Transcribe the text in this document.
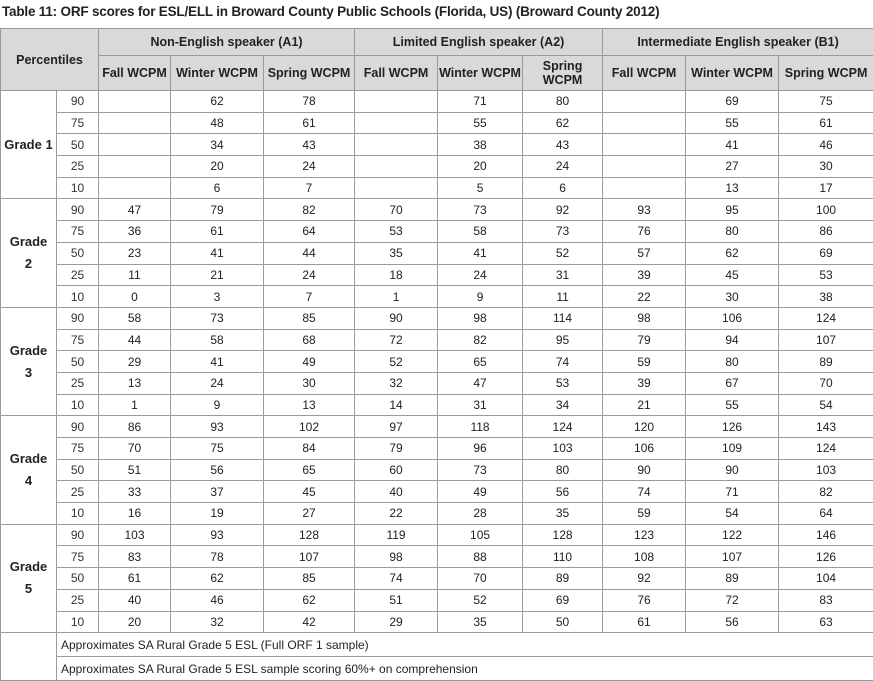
Table 11: ORF scores for ESL/ELL in Broward County Public Schools (Florida, US) (Broward County 2012)
Percentiles		Non-English speaker (A1)			Limited English speaker (A2)			Intermediate English speaker (B1)		
		Fall WCPM	Winter WCPM	Spring WCPM	Fall WCPM	Winter WCPM	Spring WCPM	Fall WCPM	Winter WCPM	Spring WCPM
Grade 1	90		62	78		71	80		69	75
	75		48	61		55	62		55	61
	50		34	43		38	43		41	46
	25		20	24		20	24		27	30
	10		6	7		5	6		13	17
Grade 2	90	47	79	82	70	73	92	93	95	100
	75	36	61	64	53	58	73	76	80	86
	50	23	41	44	35	41	52	57	62	69
	25	11	21	24	18	24	31	39	45	53
	10	0	3	7	1	9	11	22	30	38
Grade 3	90	58	73	85	90	98	114	98	106	124
	75	44	58	68	72	82	95	79	94	107
	50	29	41	49	52	65	74	59	80	89
	25	13	24	30	32	47	53	39	67	70
	10	1	9	13	14	31	34	21	55	54
Grade 4	90	86	93	102	97	118	124	120	126	143
	75	70	75	84	79	96	103	106	109	124
	50	51	56	65	60	73	80	90	90	103
	25	33	37	45	40	49	56	74	71	82
	10	16	19	27	22	28	35	59	54	64
Grade 5	90	103	93	128	119	105	128	123	122	146
	75	83	78	107	98	88	110	108	107	126
	50	61	62	85	74	70	89	92	89	104
	25	40	46	62	51	52	69	76	72	83
	10	20	32	42	29	35	50	61	56	63
	Approximates SA Rural Grade 5 ESL (Full ORF 1 sample)									
	Approximates SA Rural Grade 5 ESL sample scoring 60%+ on comprehension									
